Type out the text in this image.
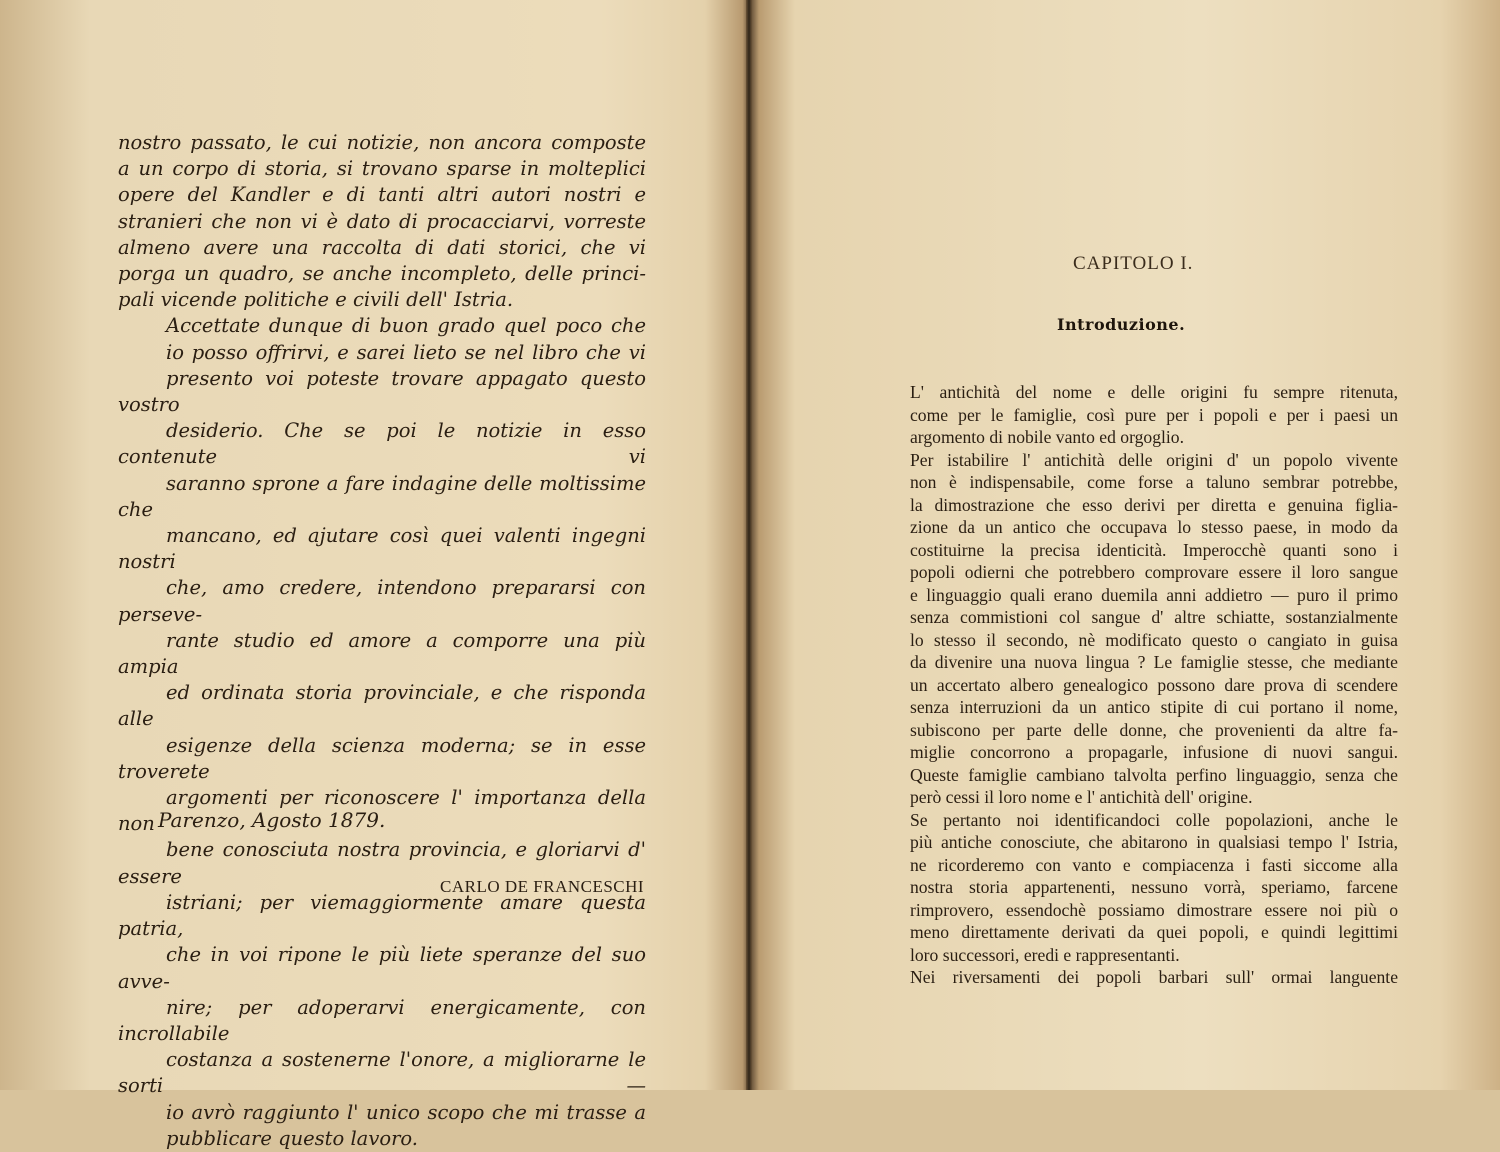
nostro passato, le cui notizie, non ancora composte
a un corpo di storia, si trovano sparse in molteplici
opere del Kandler e di tanti altri autori nostri e
stranieri che non vi è dato di procacciarvi, vorreste
almeno avere una raccolta di dati storici, che vi
porga un quadro, se anche incompleto, delle princi-
pali vicende politiche e civili dell' Istria.

Accettate dunque di buon grado quel poco che
io posso offrirvi, e sarei lieto se nel libro che vi
presento voi poteste trovare appagato questo vostro
desiderio. Che se poi le notizie in esso contenute vi
saranno sprone a fare indagine delle moltissime che
mancano, ed ajutare così quei valenti ingegni nostri
che, amo credere, intendono prepararsi con perseve-
rante studio ed amore a comporre una più ampia
ed ordinata storia provinciale, e che risponda alle
esigenze della scienza moderna; se in esse troverete
argomenti per riconoscere l' importanza della non
bene conosciuta nostra provincia, e gloriarvi d' essere
istriani; per viemaggiormente amare questa patria,
che in voi ripone le più liete speranze del suo avve-
nire; per adoperarvi energicamente, con incrollabile
costanza a sostenerne l'onore, a migliorarne le sorti —
io avrò raggiunto l' unico scopo che mi trasse a
pubblicare questo lavoro.

Parenzo, Agosto 1879.
CARLO DE FRANCESCHI
CAPITOLO I.
Introduzione.

L' antichità del nome e delle origini fu sempre ritenuta,
come per le famiglie, così pure per i popoli e per i paesi un
argomento di nobile vanto ed orgoglio.

Per istabilire l' antichità delle origini d' un popolo vivente
non è indispensabile, come forse a taluno sembrar potrebbe,
la dimostrazione che esso derivi per diretta e genuina figlia-
zione da un antico che occupava lo stesso paese, in modo da
costituirne la precisa identicità. Imperocchè quanti sono i
popoli odierni che potrebbero comprovare essere il loro sangue
e linguaggio quali erano duemila anni addietro — puro il primo
senza commistioni col sangue d' altre schiatte, sostanzialmente
lo stesso il secondo, nè modificato questo o cangiato in guisa
da divenire una nuova lingua ? Le famiglie stesse, che mediante
un accertato albero genealogico possono dare prova di scendere
senza interruzioni da un antico stipite di cui portano il nome,
subiscono per parte delle donne, che provenienti da altre fa-
miglie concorrono a propagarle, infusione di nuovi sangui.
Queste famiglie cambiano talvolta perfino linguaggio, senza che
però cessi il loro nome e l' antichità dell' origine.

Se pertanto noi identificandoci colle popolazioni, anche le
più antiche conosciute, che abitarono in qualsiasi tempo l' Istria,
ne ricorderemo con vanto e compiacenza i fasti siccome alla
nostra storia appartenenti, nessuno vorrà, speriamo, farcene
rimprovero, essendochè possiamo dimostrare essere noi più o
meno direttamente derivati da quei popoli, e quindi legittimi
loro successori, eredi e rappresentanti.

Nei riversamenti dei popoli barbari sull' ormai languente
